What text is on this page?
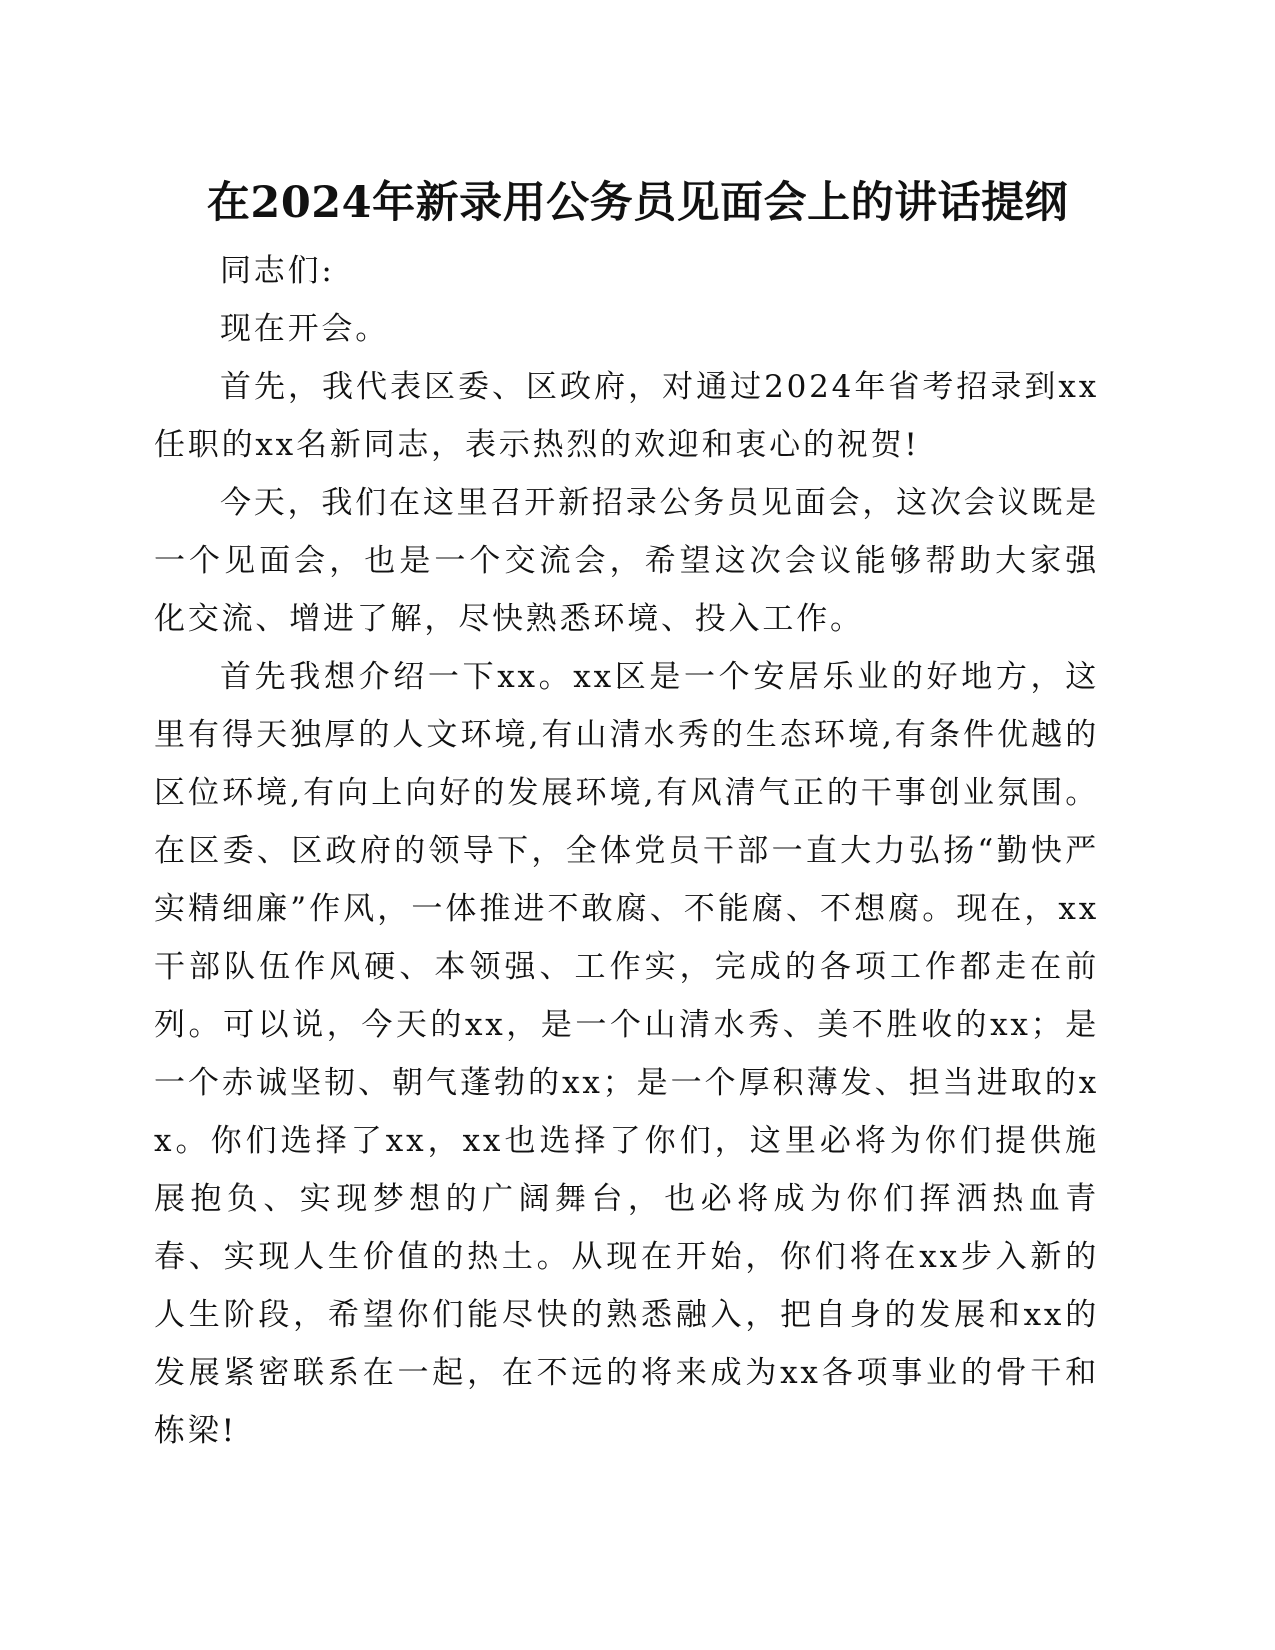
在2024年新录用公务员见面会上的讲话提纲

同志们:

现在开会。

首先，我代表区委、区政府，对通过2024年省考招录到xx任职的xx名新同志，表示热烈的欢迎和衷心的祝贺!

今天，我们在这里召开新招录公务员见面会，这次会议既是一个见面会，也是一个交流会，希望这次会议能够帮助大家强化交流、增进了解，尽快熟悉环境、投入工作。

首先我想介绍一下xx。xx区是一个安居乐业的好地方，这里有得天独厚的人文环境,有山清水秀的生态环境,有条件优越的区位环境,有向上向好的发展环境,有风清气正的干事创业氛围。在区委、区政府的领导下，全体党员干部一直大力弘扬“勤快严实精细廉”作风，一体推进不敢腐、不能腐、不想腐。现在，xx干部队伍作风硬、本领强、工作实，完成的各项工作都走在前列。可以说，今天的xx，是一个山清水秀、美不胜收的xx；是一个赤诚坚韧、朝气蓬勃的xx；是一个厚积薄发、担当进取的xx。你们选择了xx，xx也选择了你们，这里必将为你们提供施展抱负、实现梦想的广阔舞台，也必将成为你们挥洒热血青春、实现人生价值的热土。从现在开始，你们将在xx步入新的人生阶段，希望你们能尽快的熟悉融入，把自身的发展和xx的发展紧密联系在一起，在不远的将来成为xx各项事业的骨干和栋梁!
